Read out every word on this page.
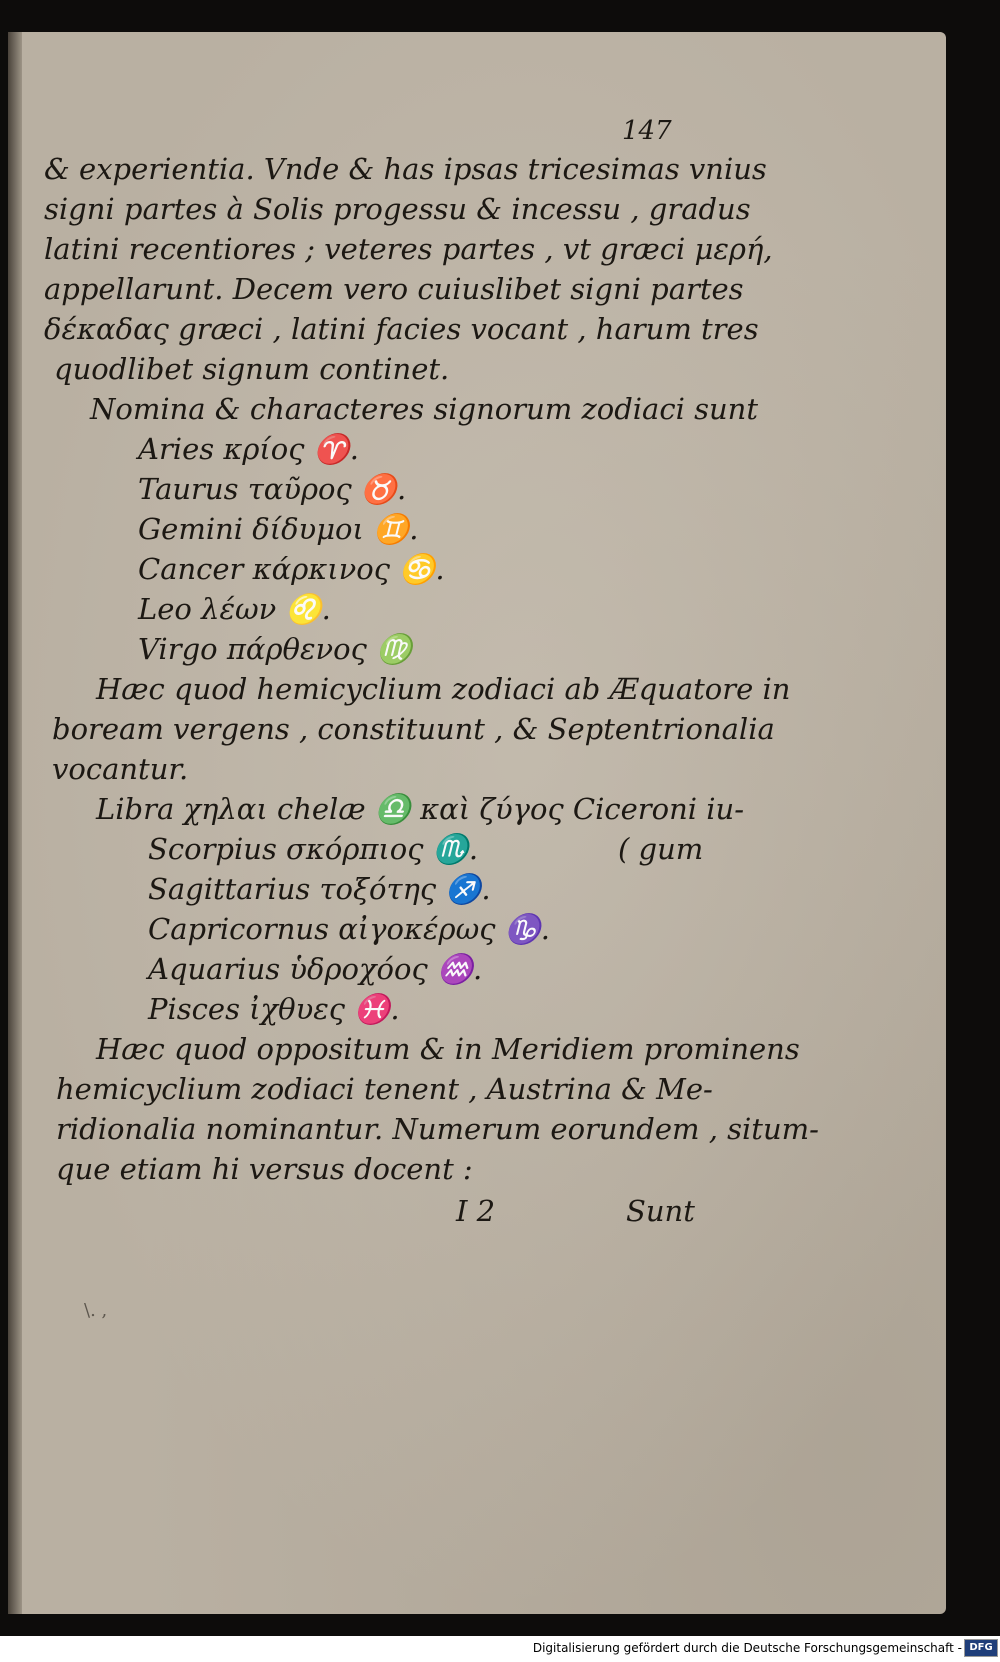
147
& experientia. Vnde & has ipsas tricesimas vnius
signi partes à Solis progessu & incessu , gradus
latini recentiores ; veteres partes , vt græci μερή,
appellarunt. Decem vero cuiuslibet signi partes
δέκαδας græci , latini facies vocant , harum tres
quodlibet signum continet.
Nomina & characteres signorum zodiaci sunt
Aries κρίος ♈.
Taurus ταῦρος ♉.
Gemini δίδυμοι ♊.
Cancer κάρκινος ♋.
Leo λέων ♌.
Virgo πάρθενος ♍
Hæc quod hemicyclium zodiaci ab Æquatore in
boream vergens , constituunt , & Septentrionalia
vocantur.
Libra χηλαι chelæ ♎ καὶ ζύγος Ciceroni iu-
Scorpius σκόρπιος ♏.	( gum
Sagittarius τοξότης ♐.
Capricornus αἰγοκέρως ♑.
Aquarius ὑδροχόος ♒.
Pisces ἰχθυες ♓.
Hæc quod oppositum & in Meridiem prominens
hemicyclium zodiaci tenent , Austrina & Me-
ridionalia nominantur. Numerum eorundem , situm-
que etiam hi versus docent :
I 2	Sunt
\. ,
Digitalisierung gefördert durch die Deutsche Forschungsgemeinschaft - DFG
